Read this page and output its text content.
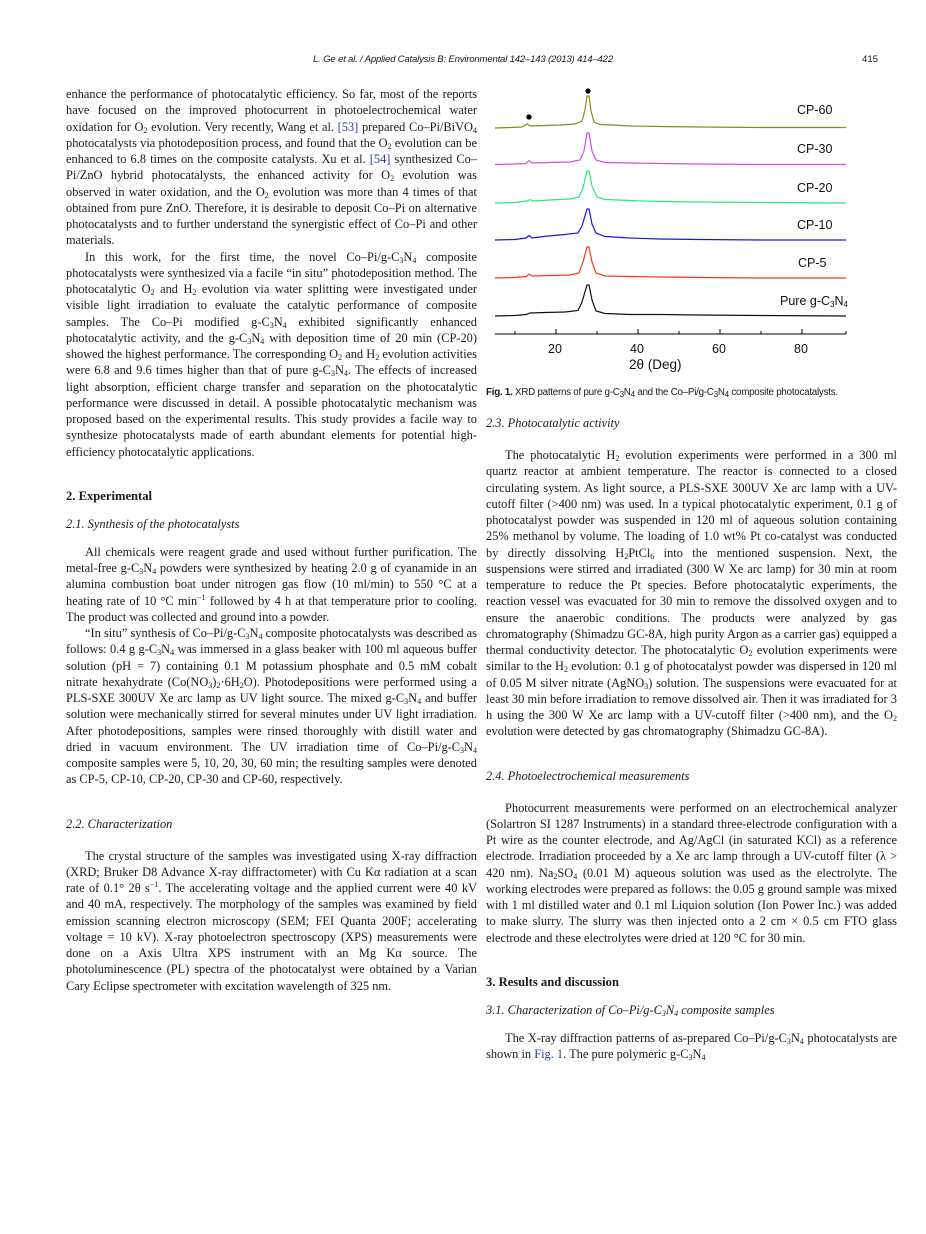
L. Ge et al. / Applied Catalysis B: Environmental 142–143 (2013) 414–422	415

enhance the performance of photocatalytic efficiency. So far, most of the reports have focused on the improved photocurrent in photoelectrochemical water oxidation for $O_2$ evolution. Very recently, Wang et al. [53] prepared Co–Pi/BiVO$_4$ photocatalysts via photodeposition process, and found that the $O_2$ evolution can be enhanced to 6.8 times on the composite catalysts. Xu et al. [54] synthesized Co–Pi/ZnO hybrid photocatalysts, the enhanced activity for $O_2$ evolution was observed in water oxidation, and the $O_2$ evolution was more than 4 times of that obtained from pure ZnO. Therefore, it is desirable to deposit Co–Pi on alternative photocatalysts and to further understand the synergistic effect of Co–Pi and other materials.

In this work, for the first time, the novel $Co-Pi/g-C_3N_4$ composite photocatalysts were synthesized via a facile “in situ” photodeposition method. The photocatalytic $O_2$ and $H_2$ evolution via water splitting were investigated under visible light irradiation to evaluate the catalytic performance of composite samples. The Co–Pi modified $g-C_3N_4$ exhibited significantly enhanced photocatalytic activity, and the $g-C_3N_4$ with deposition time of 20 min (CP-20) showed the highest performance. The corresponding $O_2$ and $H_2$ evolution activities were 6.8 and 9.6 times higher than that of pure $g-C_3N_4$. The effects of increased light absorption, efficient charge transfer and separation on the photocatalytic performance were discussed in detail. A possible photocatalytic mechanism was proposed based on the experimental results. This study provides a facile way to synthesize photocatalysts made of earth abundant elements for potential high-efficiency photocatalytic applications.

2. Experimental
2.1. Synthesis of the photocatalysts

All chemicals were reagent grade and used without further purification. The metal-free $g-C_3N_4$ powders were synthesized by heating 2.0 g of cyanamide in an alumina combustion boat under nitrogen gas flow (10 ml/min) to 550 °C at a heating rate of 10 °C $\min^{-1}$ followed by 4 h at that temperature prior to cooling. The product was collected and ground into a powder.

“In situ” synthesis of $Co-Pi/g-C_3N_4$ composite photocatalysts was described as follows: 0.4 g $g-C_3N_4$ was immersed in a glass beaker with 100 ml aqueous buffer solution (pH = 7) containing 0.1 M potassium phosphate and 0.5 mM cobalt nitrate hexahydrate $(Co(NO_3)_2\cdot 6H_2O)$. Photodepositions were performed using a PLS-SXE 300UV Xe arc lamp as UV light source. The mixed $g-C_3N_4$ and buffer solution were mechanically stirred for several minutes under UV light irradiation. After photodepositions, samples were rinsed thoroughly with distill water and dried in vacuum environment. The UV irradiation time of $Co-Pi/g-C_3N_4$ composite samples were 5, 10, 20, 30, 60 min; the resulting samples were denoted as CP-5, CP-10, CP-20, CP-30 and CP-60, respectively.

2.2. Characterization

The crystal structure of the samples was investigated using X-ray diffraction (XRD; Bruker D8 Advance X-ray diffractometer) with Cu Kα radiation at a scan rate of 0.1° 2θ $s^{-1}$. The accelerating voltage and the applied current were 40 kV and 40 mA, respectively. The morphology of the samples was examined by field emission scanning electron microscopy (SEM; FEI Quanta 200F; accelerating voltage = 10 kV). X-ray photoelectron spectroscopy (XPS) measurements were done on a Axis Ultra XPS instrument with an Mg Kα source. The photoluminescence (PL) spectra of the photocatalyst were obtained by a Varian Cary Eclipse spectrometer with excitation wavelength of 325 nm.

CP-60
CP-30
CP-20
CP-10
CP-5
Pure $g-C_3N_4$
20	40	60	80
2θ (Deg)
Fig. 1. XRD patterns of pure $g-C_3N_4$ and the $Co-Pi/g-C_3N_4$ composite photocatalysts.
2.3. Photocatalytic activity

The photocatalytic $H_2$ evolution experiments were performed in a 300 ml quartz reactor at ambient temperature. The reactor is connected to a closed circulating system. As light source, a PLS-SXE 300UV Xe arc lamp with a UV-cutoff filter (>400 nm) was used. In a typical photocatalytic experiment, 0.1 g of photocatalyst powder was suspended in 120 ml of aqueous solution containing 25% methanol by volume. The loading of 1.0 wt% Pt co-catalyst was conducted by directly dissolving $H_2PtCl_6$ into the mentioned suspension. Next, the suspensions were stirred and irradiated (300 W Xe arc lamp) for 30 min at room temperature to reduce the Pt species. Before photocatalytic experiments, the reaction vessel was evacuated for 30 min to remove the dissolved oxygen and to ensure the anaerobic conditions. The products were analyzed by gas chromatography (Shimadzu GC-8A, high purity Argon as a carrier gas) equipped a thermal conductivity detector. The photocatalytic $O_2$ evolution experiments were similar to the $H_2$ evolution: 0.1 g of photocatalyst powder was dispersed in 120 ml of 0.05 M silver nitrate (AgNO$_3$) solution. The suspensions were evacuated for at least 30 min before irradiation to remove dissolved air. Then it was irradiated for 3 h using the 300 W Xe arc lamp with a UV-cutoff filter (>400 nm), and the $O_2$ evolution were detected by gas chromatography (Shimadzu GC-8A).

2.4. Photoelectrochemical measurements

Photocurrent measurements were performed on an electrochemical analyzer (Solartron SI 1287 Instruments) in a standard three-electrode configuration with a Pt wire as the counter electrode, and Ag/AgCl (in saturated KCl) as a reference electrode. Irradiation proceeded by a Xe arc lamp through a UV-cutoff filter (λ > 420 nm). $Na_2SO_4$ (0.01 M) aqueous solution was used as the electrolyte. The working electrodes were prepared as follows: the 0.05 g ground sample was mixed with 1 ml distilled water and 0.1 ml Liquion solution (Ion Power Inc.) was added to make slurry. The slurry was then injected onto a 2 cm × 0.5 cm FTO glass electrode and these electrolytes were dried at 120 °C for 30 min.

3. Results and discussion
3.1. Characterization of $Co-Pi/g-C_3N_4$ composite samples

The X-ray diffraction patterns of as-prepared $Co-Pi/g-C_3N_4$ photocatalysts are shown in Fig. 1. The pure polymeric $g-C_3N_4$
